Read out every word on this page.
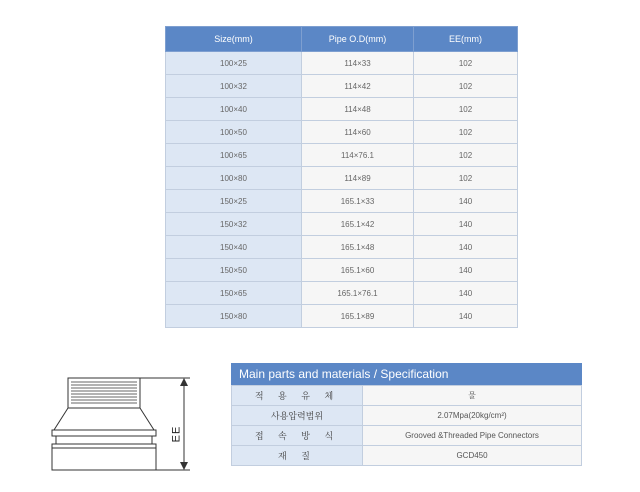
Size(mm)	Pipe O.D(mm)	EE(mm)
100×25	114×33	102
100×32	114×42	102
100×40	114×48	102
100×50	114×60	102
100×65	114×76.1	102
100×80	114×89	102
150×25	165.1×33	140
150×32	165.1×42	140
150×40	165.1×48	140
150×50	165.1×60	140
150×65	165.1×76.1	140
150×80	165.1×89	140
EE
Main parts and materials / Specification
적 용 유 체	물
사용압력범위	2.07Mpa(20kg/cm²)
접 속 방 식	Grooved &Threaded Pipe Connectors
재 질	GCD450
